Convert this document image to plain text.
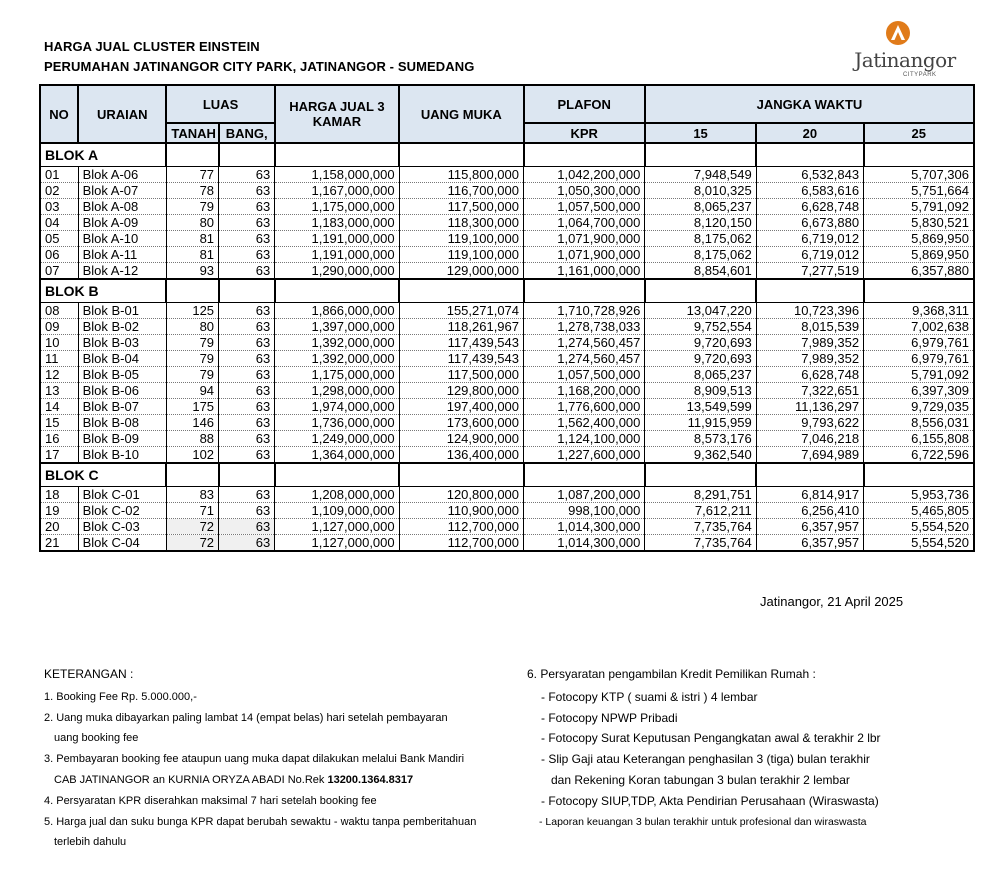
HARGA JUAL CLUSTER EINSTEIN
PERUMAHAN JATINANGOR CITY PARK, JATINANGOR - SUMEDANG	Jatinangor
CITYPARK
NO	URAIAN	LUAS		HARGA JUAL 3 KAMAR	UANG MUKA	PLAFON	JANGKA WAKTU		
		TANAH	BANG,			KPR	15	20	25
BLOK A									
01	Blok A-06	77	63	1,158,000,000	115,800,000	1,042,200,000	7,948,549	6,532,843	5,707,306
02	Blok A-07	78	63	1,167,000,000	116,700,000	1,050,300,000	8,010,325	6,583,616	5,751,664
03	Blok A-08	79	63	1,175,000,000	117,500,000	1,057,500,000	8,065,237	6,628,748	5,791,092
04	Blok A-09	80	63	1,183,000,000	118,300,000	1,064,700,000	8,120,150	6,673,880	5,830,521
05	Blok A-10	81	63	1,191,000,000	119,100,000	1,071,900,000	8,175,062	6,719,012	5,869,950
06	Blok A-11	81	63	1,191,000,000	119,100,000	1,071,900,000	8,175,062	6,719,012	5,869,950
07	Blok A-12	93	63	1,290,000,000	129,000,000	1,161,000,000	8,854,601	7,277,519	6,357,880
BLOK B									
08	Blok B-01	125	63	1,866,000,000	155,271,074	1,710,728,926	13,047,220	10,723,396	9,368,311
09	Blok B-02	80	63	1,397,000,000	118,261,967	1,278,738,033	9,752,554	8,015,539	7,002,638
10	Blok B-03	79	63	1,392,000,000	117,439,543	1,274,560,457	9,720,693	7,989,352	6,979,761
11	Blok B-04	79	63	1,392,000,000	117,439,543	1,274,560,457	9,720,693	7,989,352	6,979,761
12	Blok B-05	79	63	1,175,000,000	117,500,000	1,057,500,000	8,065,237	6,628,748	5,791,092
13	Blok B-06	94	63	1,298,000,000	129,800,000	1,168,200,000	8,909,513	7,322,651	6,397,309
14	Blok B-07	175	63	1,974,000,000	197,400,000	1,776,600,000	13,549,599	11,136,297	9,729,035
15	Blok B-08	146	63	1,736,000,000	173,600,000	1,562,400,000	11,915,959	9,793,622	8,556,031
16	Blok B-09	88	63	1,249,000,000	124,900,000	1,124,100,000	8,573,176	7,046,218	6,155,808
17	Blok B-10	102	63	1,364,000,000	136,400,000	1,227,600,000	9,362,540	7,694,989	6,722,596
BLOK C									
18	Blok C-01	83	63	1,208,000,000	120,800,000	1,087,200,000	8,291,751	6,814,917	5,953,736
19	Blok C-02	71	63	1,109,000,000	110,900,000	998,100,000	7,612,211	6,256,410	5,465,805
20	Blok C-03	72	63	1,127,000,000	112,700,000	1,014,300,000	7,735,764	6,357,957	5,554,520
21	Blok C-04	72	63	1,127,000,000	112,700,000	1,014,300,000	7,735,764	6,357,957	5,554,520
Jatinangor, 21 April 2025
KETERANGAN :
1. Booking Fee Rp. 5.000.000,-
2. Uang muka dibayarkan paling lambat 14 (empat belas) hari setelah pembayaran
uang booking fee
3. Pembayaran booking fee ataupun uang muka dapat dilakukan melalui Bank Mandiri
CAB JATINANGOR an KURNIA ORYZA ABADI No.Rek 13200.1364.8317
4. Persyaratan KPR diserahkan maksimal 7 hari setelah booking fee
5. Harga jual dan suku bunga KPR dapat berubah sewaktu - waktu tanpa pemberitahuan
terlebih dahulu
6. Persyaratan pengambilan Kredit Pemilikan Rumah :
- Fotocopy KTP ( suami & istri ) 4 lembar
- Fotocopy NPWP Pribadi
- Fotocopy Surat Keputusan Pengangkatan awal & terakhir 2 lbr
- Slip Gaji atau Keterangan penghasilan 3 (tiga) bulan terakhir
dan Rekening Koran tabungan 3 bulan terakhir 2 lembar
- Fotocopy SIUP,TDP, Akta Pendirian Perusahaan (Wiraswasta)
- Laporan keuangan 3 bulan terakhir untuk profesional dan wiraswasta
